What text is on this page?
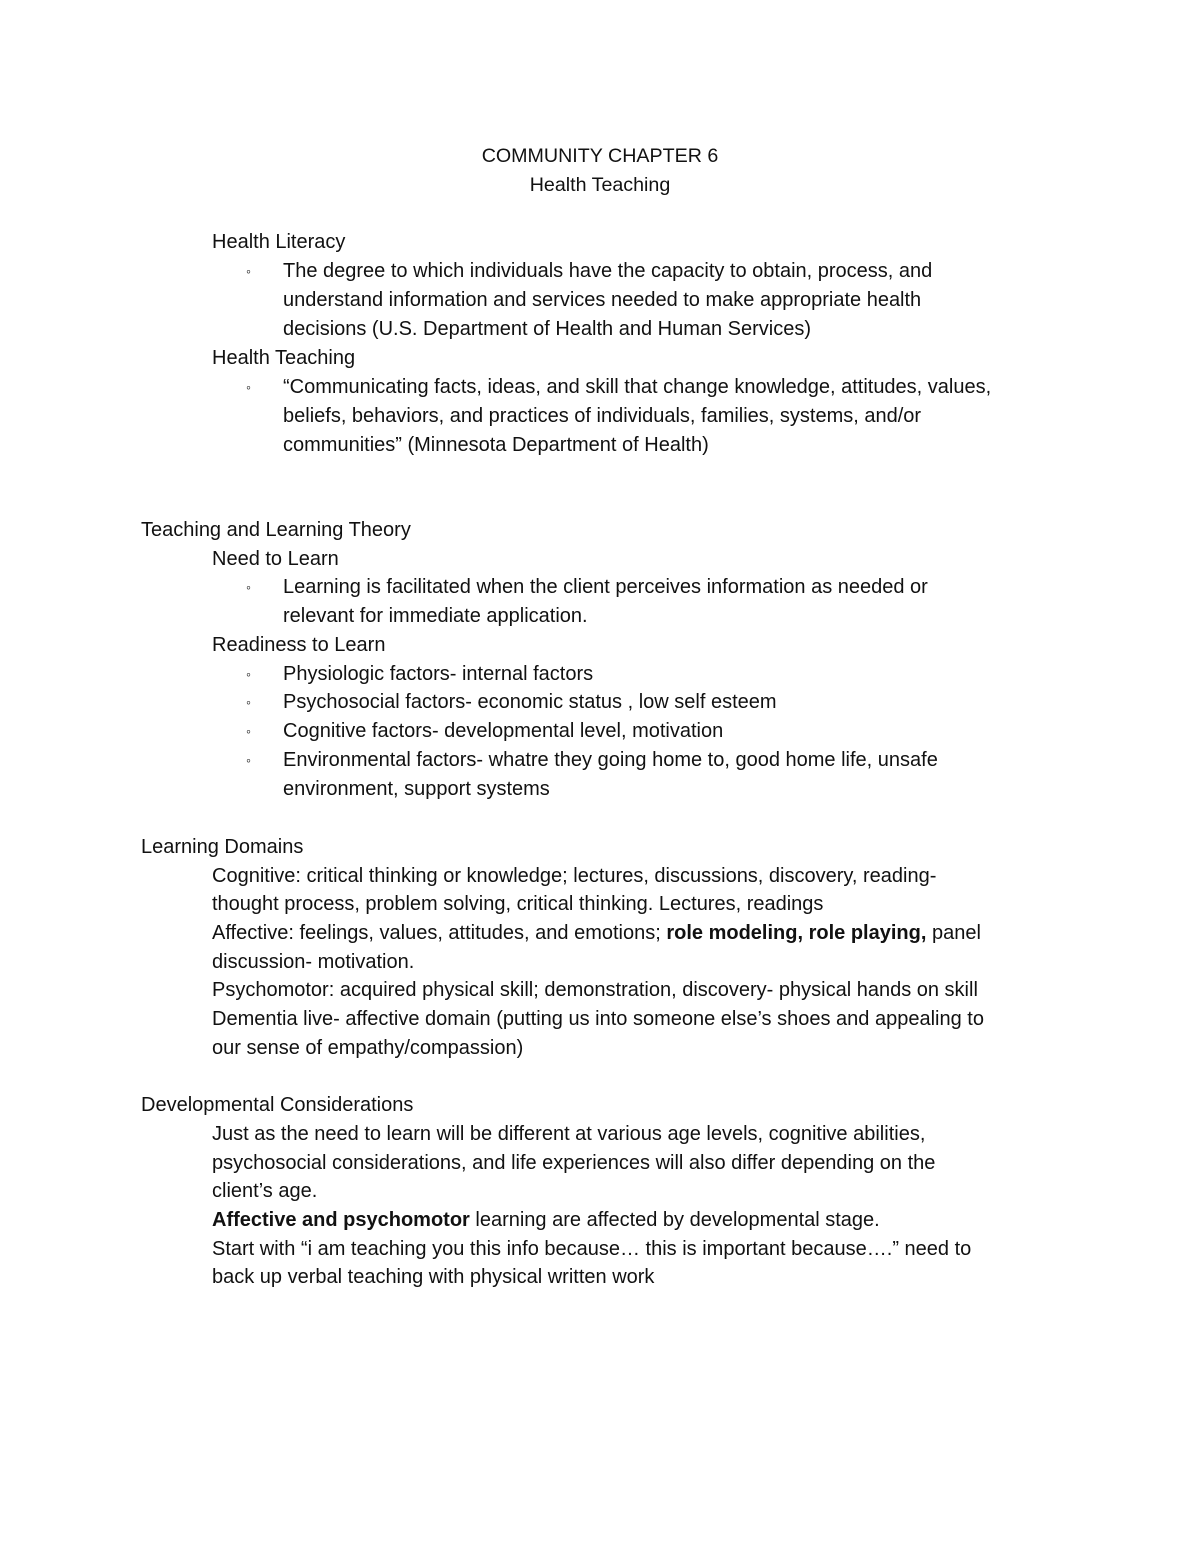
COMMUNITY CHAPTER 6
Health Teaching
Health Literacy
◦ The degree to which individuals have the capacity to obtain, process, and
understand information and services needed to make appropriate health
decisions (U.S. Department of Health and Human Services)
Health Teaching
◦ “Communicating facts, ideas, and skill that change knowledge, attitudes, values,
beliefs, behaviors, and practices of individuals, families, systems, and/or
communities” (Minnesota Department of Health)
Teaching and Learning Theory
Need to Learn
◦ Learning is facilitated when the client perceives information as needed or
relevant for immediate application.
Readiness to Learn
◦ Physiologic factors- internal factors
◦ Psychosocial factors- economic status , low self esteem
◦ Cognitive factors- developmental level, motivation
◦ Environmental factors- whatre they going home to, good home life, unsafe
environment, support systems
Learning Domains
Cognitive: critical thinking or knowledge; lectures, discussions, discovery, reading-
thought process, problem solving, critical thinking. Lectures, readings
Affective: feelings, values, attitudes, and emotions; role modeling, role playing, panel
discussion- motivation.
Psychomotor: acquired physical skill; demonstration, discovery- physical hands on skill
Dementia live- affective domain (putting us into someone else’s shoes and appealing to
our sense of empathy/compassion)
Developmental Considerations
Just as the need to learn will be different at various age levels, cognitive abilities,
psychosocial considerations, and life experiences will also differ depending on the
client’s age.
Affective and psychomotor learning are affected by developmental stage.
Start with “i am teaching you this info because… this is important because….” need to
back up verbal teaching with physical written work
